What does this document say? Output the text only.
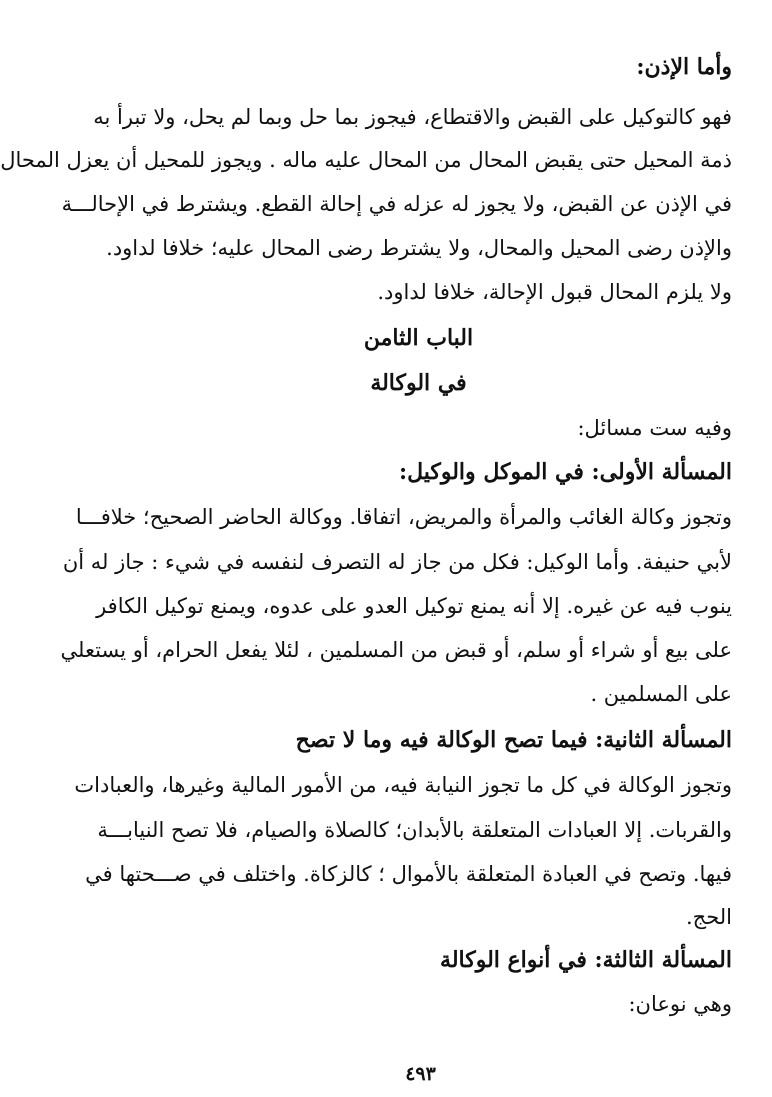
وأما الإذن:
فهو كالتوكيل على القبض والاقتطاع، فيجوز بما حل وبما لم يحل، ولا تبرأ به
ذمة المحيل حتى يقبض المحال من المحال عليه ماله . ويجوز للمحيل أن يعزل المحال
في الإذن عن القبض، ولا يجوز له عزله في إحالة القطع. ويشترط في الإحالـــة
والإذن رضى المحيل والمحال، ولا يشترط رضى المحال عليه؛ خلافا لداود.
ولا يلزم المحال قبول الإحالة، خلافا لداود.
الباب الثامن
في الوكالة
وفيه ست مسائل:
المسألة الأولى: في الموكل والوكيل:
وتجوز وكالة الغائب والمرأة والمريض، اتفاقا. ووكالة الحاضر الصحيح؛ خلافـــا
لأبي حنيفة. وأما الوكيل: فكل من جاز له التصرف لنفسه في شيء : جاز له أن
ينوب فيه عن غيره. إلا أنه يمنع توكيل العدو على عدوه، ويمنع توكيل الكافر
على بيع أو شراء أو سلم، أو قبض من المسلمين ، لئلا يفعل الحرام، أو يستعلي
على المسلمين .
المسألة الثانية: فيما تصح الوكالة فيه وما لا تصح
وتجوز الوكالة في كل ما تجوز النيابة فيه، من الأمور المالية وغيرها، والعبادات
والقربات. إلا العبادات المتعلقة بالأبدان؛ كالصلاة والصيام، فلا تصح النيابـــة
فيها. وتصح في العبادة المتعلقة بالأموال ؛ كالزكاة. واختلف في صـــحتها في
الحج.
المسألة الثالثة: في أنواع الوكالة
وهي نوعان:
٤٩٣
